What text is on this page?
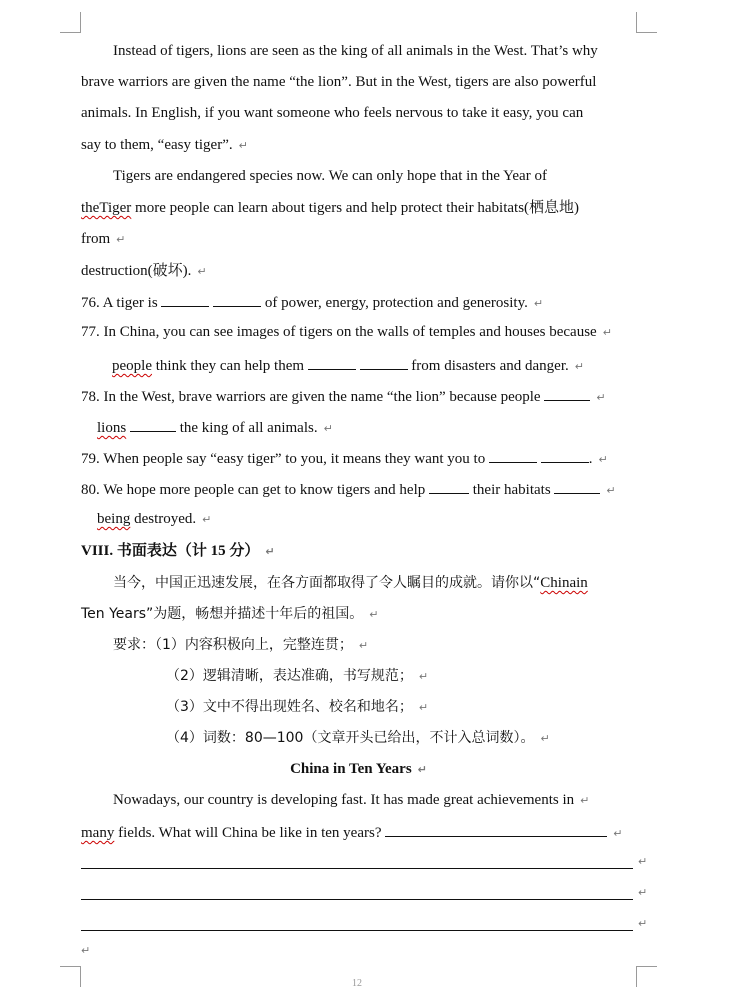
Instead of tigers, lions are seen as the king of all animals in the West. That’s why
brave warriors are given the name “the lion”. But in the West, tigers are also powerful
animals. In English, if you want someone who feels nervous to take it easy, you can
say to them, “easy tiger”. ↵
Tigers are endangered species now. We can only hope that in the Year of
theTiger more people can learn about tigers and help protect their habitats(栖息地)
from ↵
destruction(破坏). ↵
76. A tiger is	of power, energy, protection and generosity. ↵
77. In China, you can see images of tigers on the walls of temples and houses because ↵
people think they can help them	from disasters and danger. ↵
78. In the West, brave warriors are given the name “the lion” because people	↵
lions	the king of all animals. ↵
79. When people say “easy tiger” to you, it means they want you to	. ↵
80. We hope more people can get to know tigers and help	their habitats	↵
being destroyed. ↵
VIII. 书面表达（计 15 分） ↵
当今，中国正迅速发展，在各方面都取得了令人瞩目的成就。请你以“Chinain
Ten Years”为题，畅想并描述十年后的祖国。 ↵
要求：（1）内容积极向上，完整连贯； ↵
（2）逻辑清晰，表达准确，书写规范； ↵
（3）文中不得出现姓名、校名和地名； ↵
（4）词数：80—100（文章开头已给出，不计入总词数）。 ↵
China in Ten Years ↵
Nowadays, our country is developing fast. It has made great achievements in ↵
many fields. What will China be like in ten years?	↵
↵
↵
↵
↵
12
